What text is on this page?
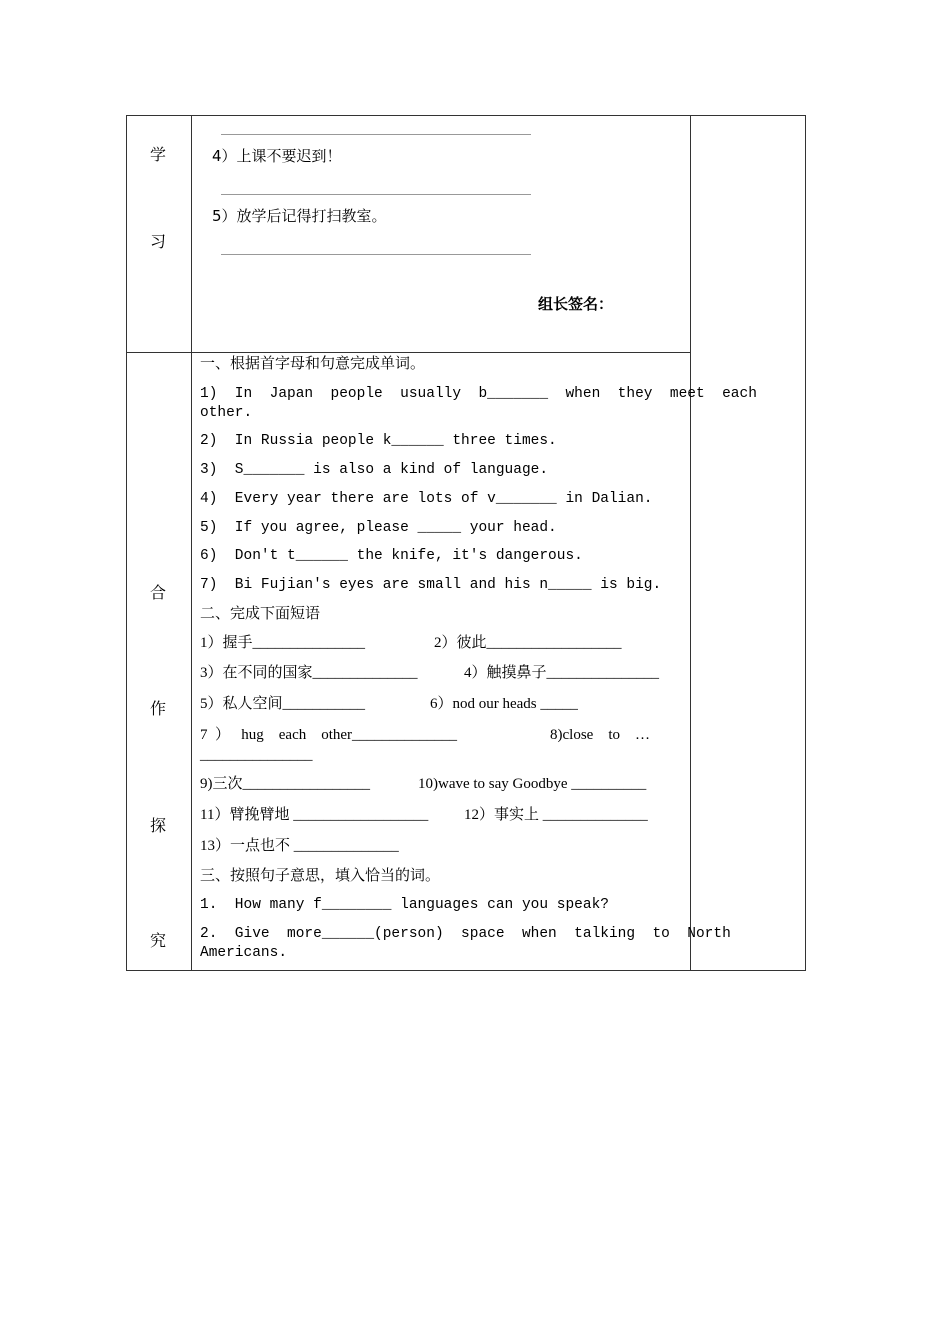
学
习
合
作
探
究
4）上课不要迟到！
5）放学后记得打扫教室。
组长签名：
一、根据首字母和句意完成单词。
1)  In  Japan  people  usually  b_______  when  they  meet  each
other.
2)  In Russia people k______ three times.
3)  S_______ is also a kind of language.
4)  Every year there are lots of v_______ in Dalian.
5)  If you agree, please _____ your head.
6)  Don't t______ the knife, it's dangerous.
7)  Bi Fujian's eyes are small and his n_____ is big.
二、完成下面短语
1）握手_______________	2）彼此__________________
3）在不同的国家______________	4）触摸鼻子_______________
5）私人空间___________	6）nod our heads _____
7  ）   hug    each    other______________	8)close    to    …
_______________
9)三次_________________	10)wave to say Goodbye __________
11）臂挽臂地 __________________ 12）事实上 ______________
13）一点也不 ______________
三、按照句子意思，填入恰当的词。
1.  How many f________ languages can you speak?
2.  Give  more______(person)  space  when  talking  to  North
Americans.
